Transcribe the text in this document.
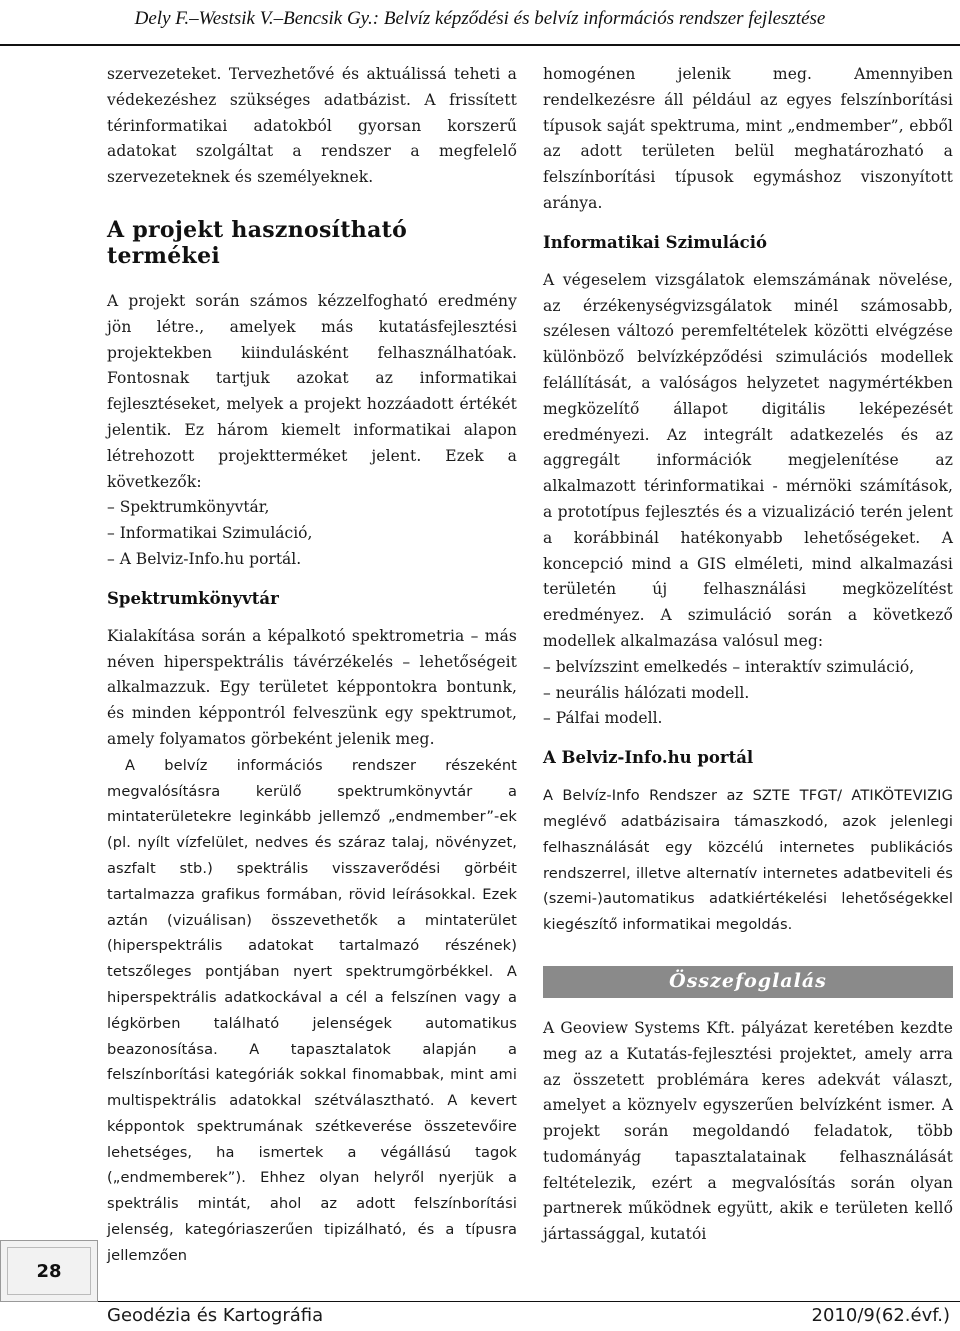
Dely F.–Westsik V.–Bencsik Gy.: Belvíz képződési és belvíz információs rendszer fejlesztése

szervezeteket. Tervezhetővé és aktuálissá teheti a védekezéshez szükséges adatbázist. A frissített térinformatikai adatokból gyorsan korszerű adatokat szolgáltat a rendszer a megfelelő szervezeteknek és személyeknek.

A projekt hasznosítható termékei

A projekt során számos kézzelfogható eredmény jön létre., amelyek más kutatásfejlesztési projektekben kiindulásként felhasználhatóak. Fontosnak tartjuk azokat az informatikai fejlesztéseket, melyek a projekt hozzáadott értékét jelentik. Ez három kiemelt informatikai alapon létrehozott projektterméket jelent. Ezek a következők:

– Spektrumkönyvtár,
– Informatikai Szimuláció,
– A Belviz-Info.hu portál.
Spektrumkönyvtár

Kialakítása során a képalkotó spektrometria – más néven hiperspektrális távérzékelés – lehetőségeit alkalmazzuk. Egy területet képpontokra bontunk, és minden képpontról felveszünk egy spektrumot, amely folyamatos görbeként jelenik meg.

A belvíz információs rendszer részeként megvalósításra kerülő spektrumkönyvtár a mintaterületekre leginkább jellemző „endmember”-ek (pl. nyílt vízfelület, nedves és száraz talaj, növényzet, aszfalt stb.) spektrális visszaverődési görbéit tartalmazza grafikus formában, rövid leírásokkal. Ezek aztán (vizuálisan) összevethetők a mintaterület (hiperspektrális adatokat tartalmazó részének) tetszőleges pontjában nyert spektrumgörbékkel. A hiperspektrális adatkockával a cél a felszínen vagy a légkörben található jelenségek automatikus beazonosítása. A tapasztalatok alapján a felszínborítási kategóriák sokkal finomabbak, mint ami multispektrális adatokkal szétválasztható. A kevert képpontok spektrumának szétkeverése összetevőire lehetséges, ha ismertek a végállású tagok („endmemberek”). Ehhez olyan helyről nyerjük a spektrális mintát, ahol az adott felszínborítási jelenség, kategóriaszerűen tipizálható, és a típusra jellemzően

homogénen jelenik meg. Amennyiben rendelkezésre áll például az egyes felszínborítási típusok saját spektruma, mint „endmember”, ebből az adott területen belül meghatározható a felszínborítási típusok egymáshoz viszonyított aránya.

Informatikai Szimuláció

A végeselem vizsgálatok elemszámának növelése, az érzékenységvizsgálatok minél számosabb, szélesen változó peremfeltételek közötti elvégzése különböző belvízképződési szimulációs modellek felállítását, a valóságos helyzetet nagymértékben megközelítő állapot digitális leképezését eredményezi. Az integrált adatkezelés és az aggregált információk megjelenítése az alkalmazott térinformatikai - mérnöki számítások, a prototípus fejlesztés és a vizualizáció terén jelent a korábbinál hatékonyabb lehetőségeket. A koncepció mind a GIS elméleti, mind alkalmazási területén új felhasználási megközelítést eredményez. A szimuláció során a következő modellek alkalmazása valósul meg:

– belvízszint emelkedés – interaktív szimuláció,
– neurális hálózati modell.
– Pálfai modell.
A Belviz-Info.hu portál

A Belvíz-Info Rendszer az SZTE TFGT/ ATIKÖTEVIZIG meglévő adatbázisaira támaszkodó, azok jelenlegi felhasználását egy közcélú internetes publikációs rendszerrel, illetve alternatív internetes adatbeviteli és (szemi-)automatikus adatkiértékelési lehetőségekkel kiegészítő informatikai megoldás.

Összefoglalás

A Geoview Systems Kft. pályázat keretében kezdte meg az a Kutatás-fejlesztési projektet, amely arra az összetett problémára keres adekvát választ, amelyet a köznyelv egyszerűen belvízként ismer. A projekt során megoldandó feladatok, több tudományág tapasztalatainak felhasználását feltételezik, ezért a megvalósítás során olyan partnerek működnek együtt, akik e területen kellő jártassággal, kutatói

28
Geodézia és Kartográfia	2010/9(62.évf.)
